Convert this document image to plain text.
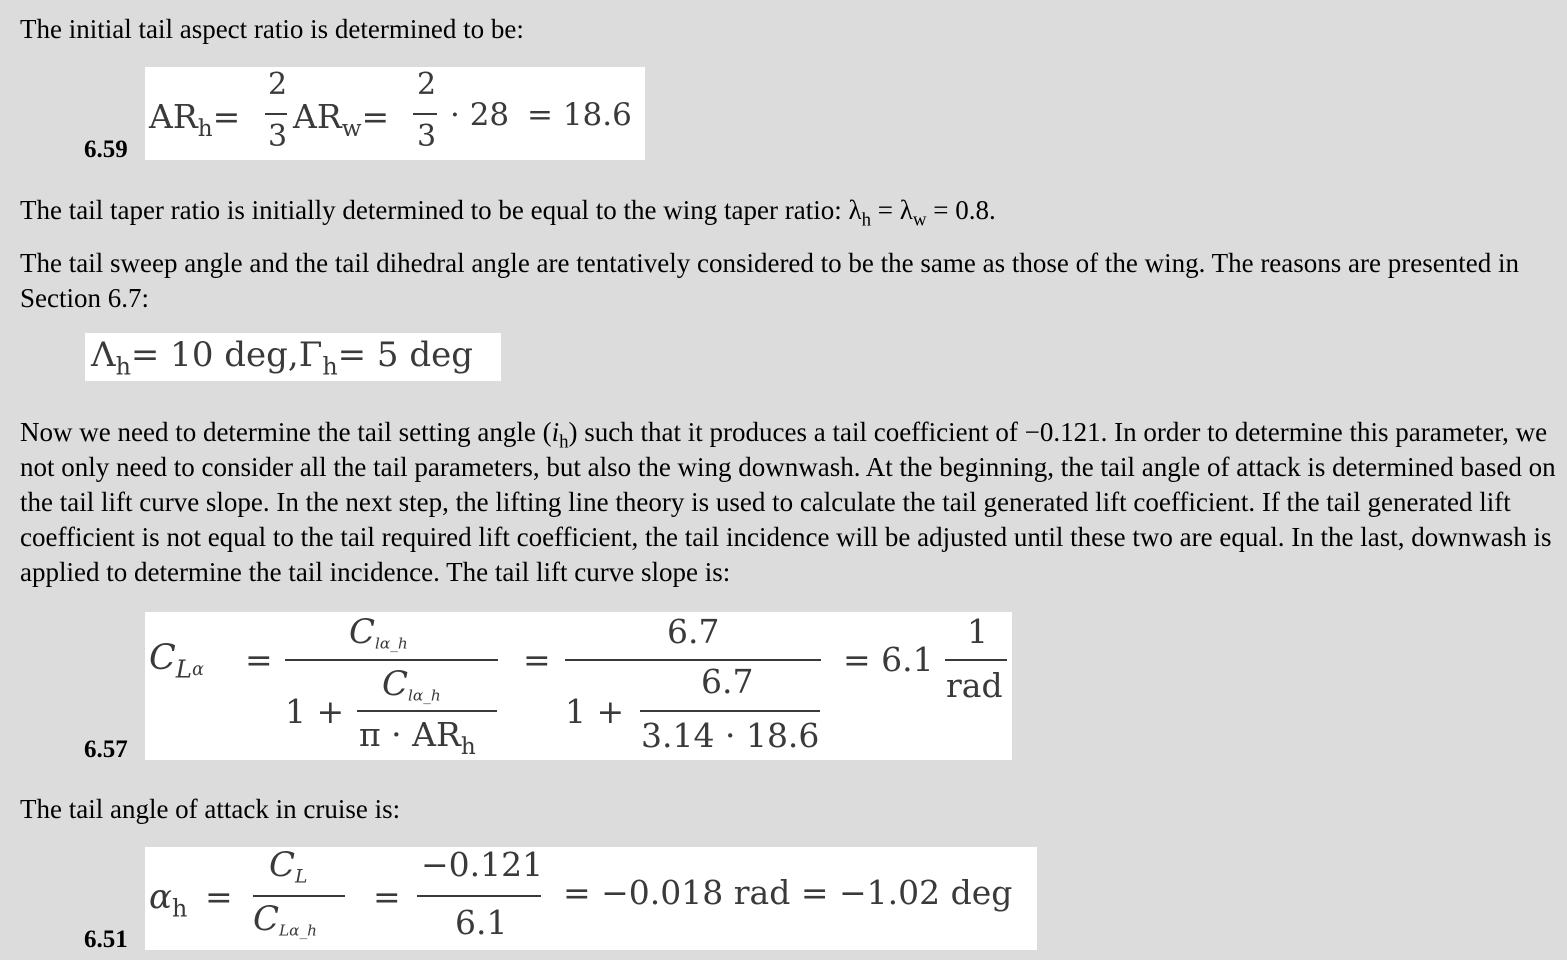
The initial tail aspect ratio is determined to be:

$AR_h=$
2
3
$AR_w=$
2
3
· 28 = 18.6
6.59

The tail taper ratio is initially determined to be equal to the wing taper ratio: $\lambda_h = \lambda_w = 0.8$.

The tail sweep angle and the tail dihedral angle are tentatively considered to be the same as those of the wing. The reasons are presented in Section 6.7:

$\Lambda_h= 10$ $deg,\Gamma_h= 5$ deg

Now we need to determine the tail setting angle $(i_h)$ such that it produces a tail coefficient of −0.121. In order to determine this parameter, we not only need to consider all the tail parameters, but also the wing downwash. At the beginning, the tail angle of attack is determined based on the tail lift curve slope. In the next step, the lifting line theory is used to calculate the tail generated lift coefficient. If the tail generated lift coefficient is not equal to the tail required lift coefficient, the tail incidence will be adjusted until these two are equal. In the last, downwash is applied to determine the tail incidence. The tail lift curve slope is:

$C_{L\alpha}$ =
$C_{l\alpha\_h}$
1 +
$C_{l\alpha\_h}$
$\pi \cdot AR_h$
=
6.7
1 +
6.7
3.14 · 18.6
= 6.1
1
rad
6.57

The tail angle of attack in cruise is:

$\alpha_h$ =
$C_L$
$C_{L\alpha\_h}$
=
−0.121
6.1
= −0.018 rad = −1.02 deg
6.51
